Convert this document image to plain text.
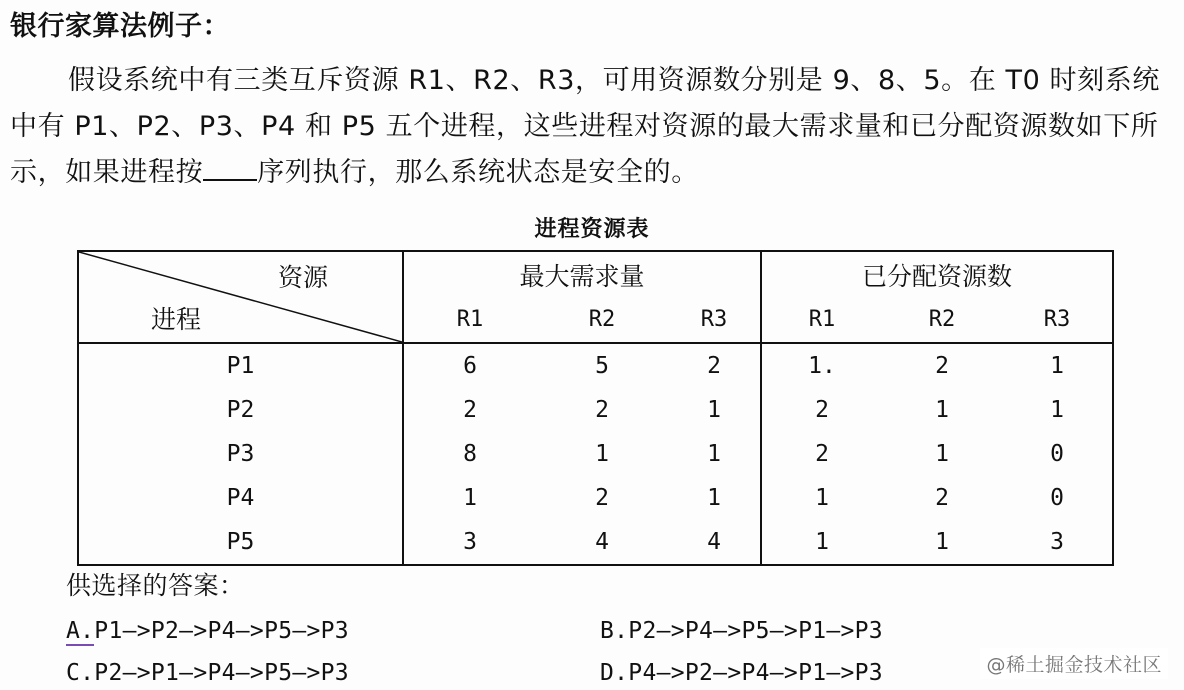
银行家算法例子：
假设系统中有三类互斥资源 R1、R2、R3，可用资源数分别是 9、8、5。在 T0 时刻系统中有 P1、P2、P3、P4 和 P5 五个进程，这些进程对资源的最大需求量和已分配资源数如下所示，如果进程按 序列执行，那么系统状态是安全的。
进程资源表
资源
进程	最大需求量			已分配资源数		
	R1	R2	R3	R1	R2	R3
P1	6	5	2	1.	2	1
P2	2	2	1	2	1	1
P3	8	1	1	2	1	0
P4	1	2	1	1	2	0
P5	3	4	4	1	1	3
供选择的答案：
A.P1—>P2—>P4—>P5—>P3	B.P2—>P4—>P5—>P1—>P3
C.P2—>P1—>P4—>P5—>P3	D.P4—>P2—>P4—>P1—>P3	@稀土掘金技术社区
